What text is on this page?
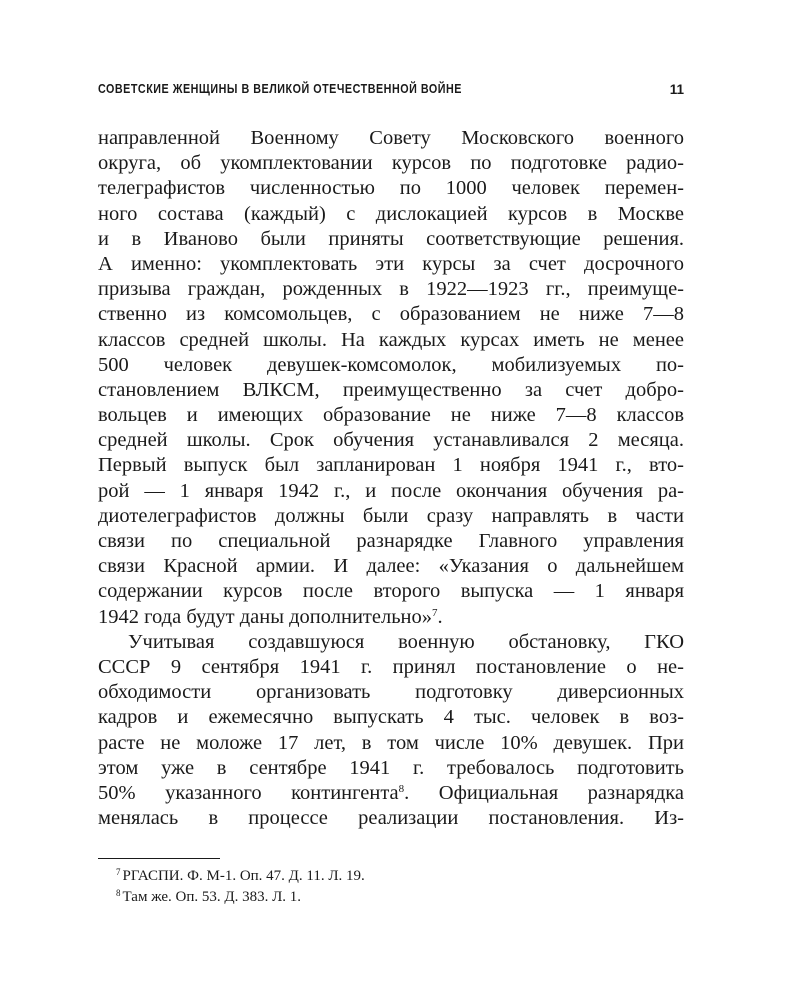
СОВЕТСКИЕ ЖЕНЩИНЫ В ВЕЛИКОЙ ОТЕЧЕСТВЕННОЙ ВОЙНЕ	11
направленной Военному Совету Московского военного
округа, об укомплектовании курсов по подготовке радио-
телеграфистов численностью по 1000 человек перемен-
ного состава (каждый) с дислокацией курсов в Москве
и в Иваново были приняты соответствующие решения.
А именно: укомплектовать эти курсы за счет досрочного
призыва граждан, рожденных в 1922—1923 гг., преимуще-
ственно из комсомольцев, с образованием не ниже 7—8
классов средней школы. На каждых курсах иметь не менее
500 человек девушек-комсомолок, мобилизуемых по-
становлением ВЛКСМ, преимущественно за счет добро-
вольцев и имеющих образование не ниже 7—8 классов
средней школы. Срок обучения устанавливался 2 месяца.
Первый выпуск был запланирован 1 ноября 1941 г., вто-
рой — 1 января 1942 г., и после окончания обучения ра-
диотелеграфистов должны были сразу направлять в части
связи по специальной разнарядке Главного управления
связи Красной армии. И далее: «Указания о дальнейшем
содержании курсов после второго выпуска — 1 января
1942 года будут даны дополнительно»$^7$.
Учитывая создавшуюся военную обстановку, ГКО
СССР 9 сентября 1941 г. принял постановление о не-
обходимости организовать подготовку диверсионных
кадров и ежемесячно выпускать 4 тыс. человек в воз-
расте не моложе 17 лет, в том числе 10% девушек. При
этом уже в сентябре 1941 г. требовалось подготовить
50% указанного контингента$^8$. Официальная разнарядка
менялась в процессе реализации постановления. Из-
$^7$ РГАСПИ. Ф. М-1. Оп. 47. Д. 11. Л. 19.
$^8$ Там же. Оп. 53. Д. 383. Л. 1.
